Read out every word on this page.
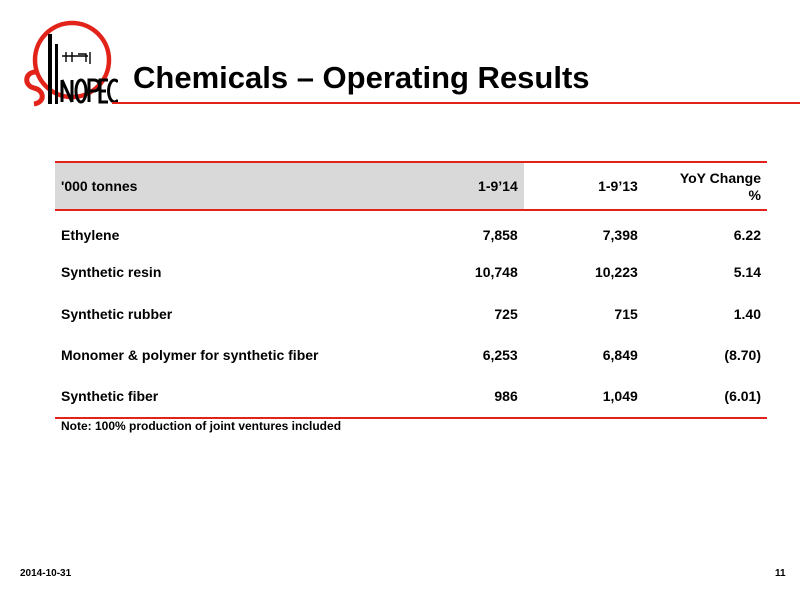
Chemicals – Operating Results
'000 tonnes	1-9’14	1-9’13	YoY Change
%
Ethylene	7,858	7,398	6.22
Synthetic resin	10,748	10,223	5.14
Synthetic rubber	725	715	1.40
Monomer & polymer for synthetic fiber	6,253	6,849	(8.70)
Synthetic fiber	986	1,049	(6.01)
Note: 100% production of joint ventures included
2014-10-31	11
